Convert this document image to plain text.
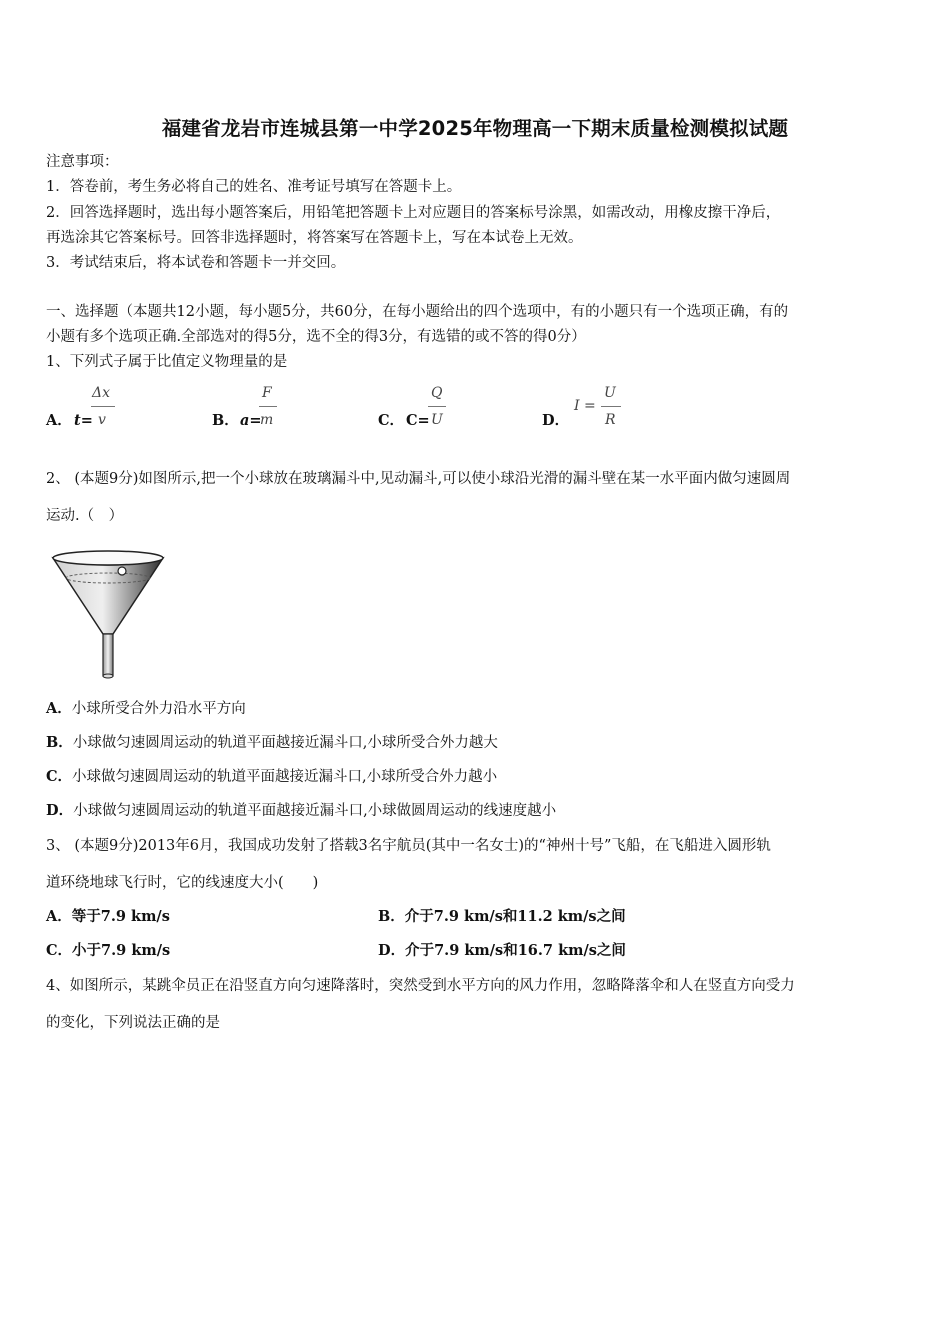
福建省龙岩市连城县第一中学2025年物理高一下期末质量检测模拟试题
注意事项：
1．答卷前，考生务必将自己的姓名、准考证号填写在答题卡上。
2．回答选择题时，选出每小题答案后，用铅笔把答题卡上对应题目的答案标号涂黑，如需改动，用橡皮擦干净后，
再选涂其它答案标号。回答非选择题时，将答案写在答题卡上，写在本试卷上无效。
3．考试结束后，将本试卷和答题卡一并交回。
一、选择题（本题共12小题，每小题5分，共60分，在每小题给出的四个选项中，有的小题只有一个选项正确，有的
小题有多个选项正确.全部选对的得5分，选不全的得3分，有选错的或不答的得0分）
1、下列式子属于比值定义物理量的是
A． t=
Δx
v	B． a=
F
m	C． C=
Q
U	D．
I =
U
R
2、 (本题9分)如图所示,把一个小球放在玻璃漏斗中,见动漏斗,可以使小球沿光滑的漏斗壁在某一水平面内做匀速圆周
运动.（　）
A．小球所受合外力沿水平方向
B．小球做匀速圆周运动的轨道平面越接近漏斗口,小球所受合外力越大
C．小球做匀速圆周运动的轨道平面越接近漏斗口,小球所受合外力越小
D．小球做匀速圆周运动的轨道平面越接近漏斗口,小球做圆周运动的线速度越小
3、 (本题9分)2013年6月，我国成功发射了搭载3名宇航员(其中一名女士)的“神州十号”飞船，在飞船进入圆形轨
道环绕地球飞行时，它的线速度大小(　　)
A．等于7.9 km/s	B．介于7.9 km/s和11.2 km/s之间
C．小于7.9 km/s	D．介于7.9 km/s和16.7 km/s之间
4、如图所示，某跳伞员正在沿竖直方向匀速降落时，突然受到水平方向的风力作用，忽略降落伞和人在竖直方向受力
的变化，下列说法正确的是
